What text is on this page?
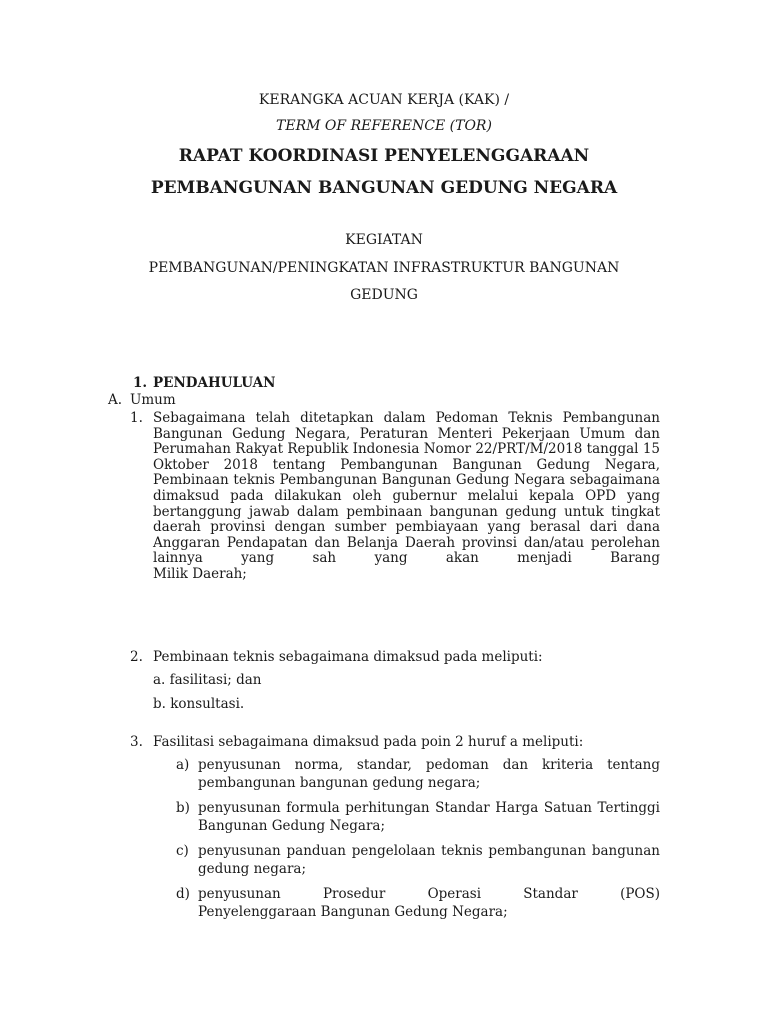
KERANGKA ACUAN KERJA (KAK) /
TERM OF REFERENCE (TOR)
RAPAT KOORDINASI PENYELENGGARAAN
PEMBANGUNAN BANGUNAN GEDUNG NEGARA
KEGIATAN
PEMBANGUNAN/PENINGKATAN INFRASTRUKTUR BANGUNAN
GEDUNG
1. PENDAHULUAN
A. Umum
1. Sebagaimana telah ditetapkan dalam Pedoman Teknis Pembangunan Bangunan Gedung Negara, Peraturan Menteri Pekerjaan Umum dan Perumahan Rakyat Republik Indonesia Nomor 22/PRT/M/2018 tanggal 15 Oktober 2018 tentang Pembangunan Bangunan Gedung Negara, Pembinaan teknis Pembangunan Bangunan Gedung Negara sebagaimana dimaksud pada dilakukan oleh gubernur melalui kepala OPD yang bertanggung jawab dalam pembinaan bangunan gedung untuk tingkat daerah provinsi dengan sumber pembiayaan yang berasal dari dana Anggaran Pendapatan dan Belanja Daerah provinsi dan/atau perolehan lainnya yang sah yang akan menjadi Barang
Milik Daerah;
2. Pembinaan teknis sebagaimana dimaksud pada meliputi:
a. fasilitasi; dan
b. konsultasi.
3. Fasilitasi sebagaimana dimaksud pada poin 2 huruf a meliputi:
a) penyusunan norma, standar, pedoman dan kriteria tentang pembangunan bangunan gedung negara;
b) penyusunan formula perhitungan Standar Harga Satuan Tertinggi Bangunan Gedung Negara;
c) penyusunan panduan pengelolaan teknis pembangunan bangunan gedung negara;
d) penyusunan Prosedur Operasi Standar (POS)
Penyelenggaraan Bangunan Gedung Negara;
